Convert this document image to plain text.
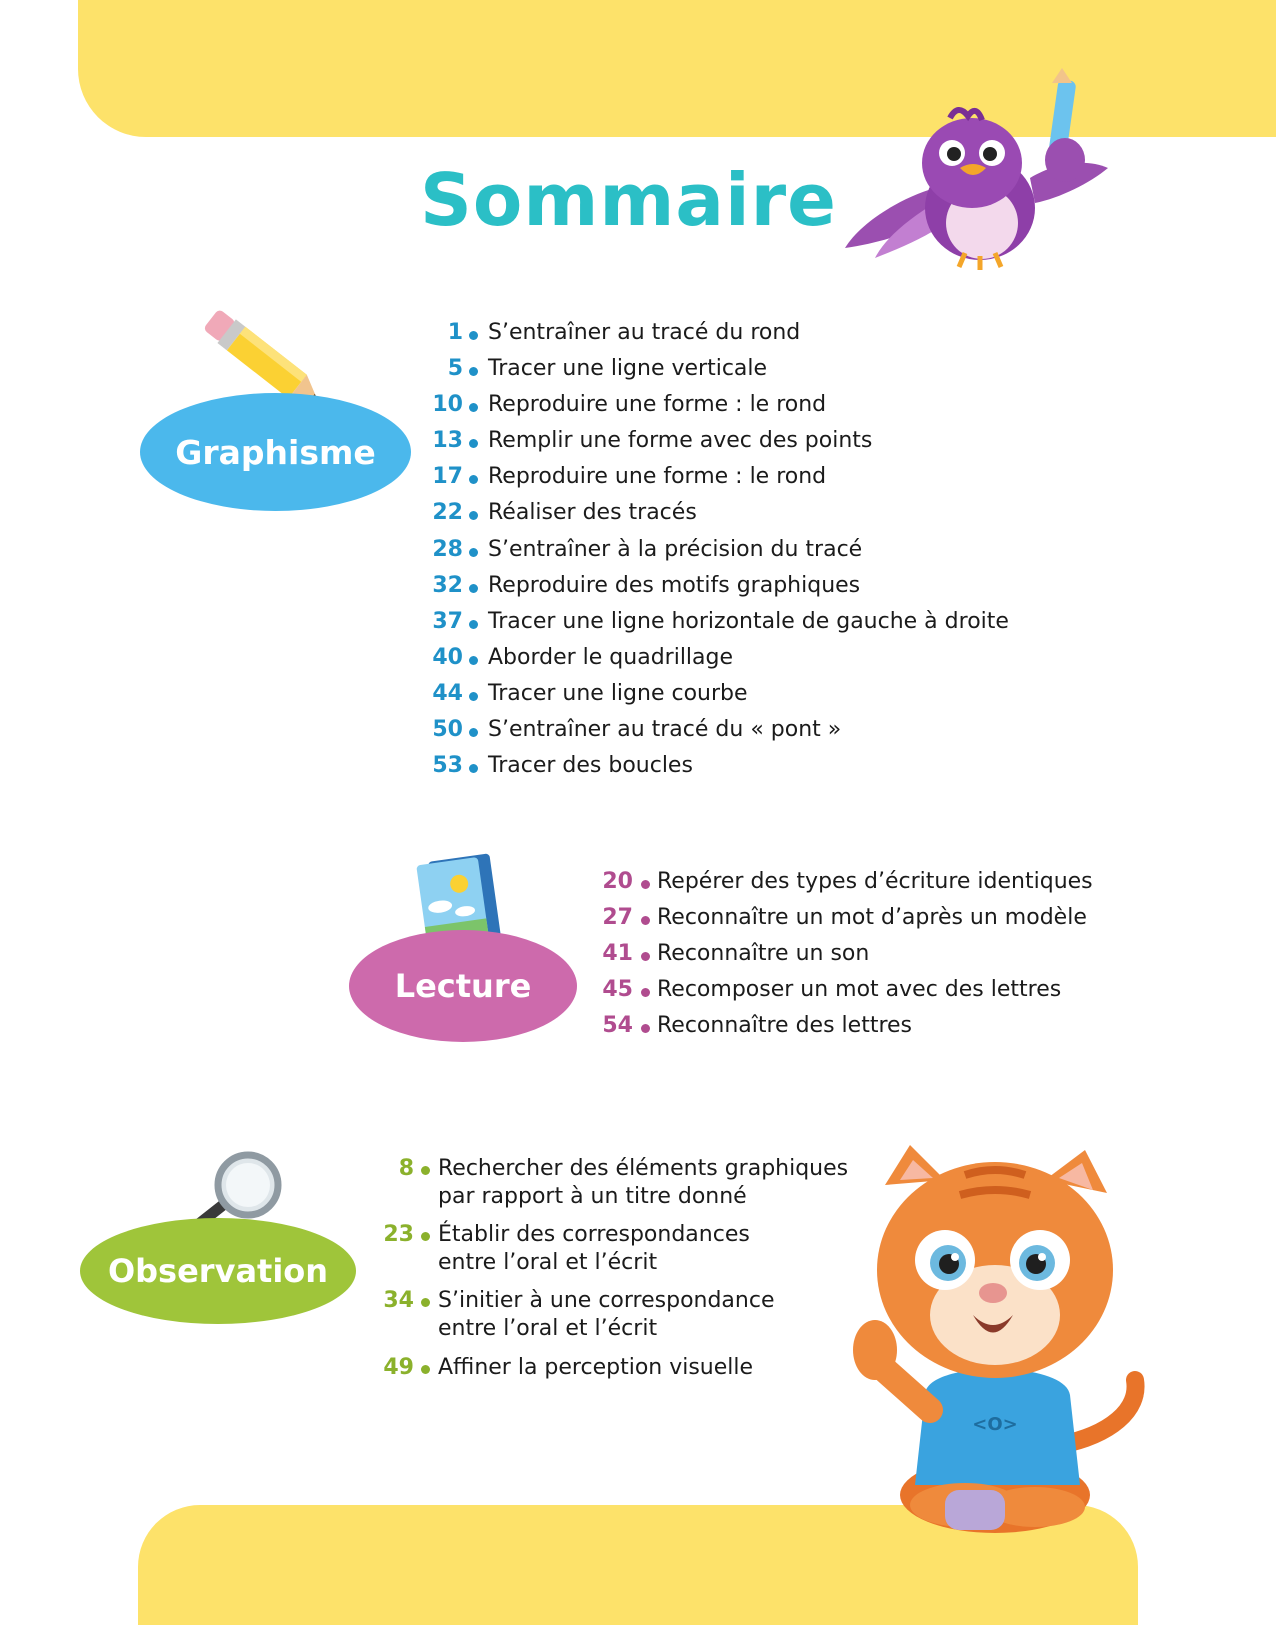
Sommaire
Graphisme
Lecture
Observation
1 S’entraîner au tracé du rond
5 Tracer une ligne verticale
10 Reproduire une forme : le rond
13 Remplir une forme avec des points
17 Reproduire une forme : le rond
22 Réaliser des tracés
28 S’entraîner à la précision du tracé
32 Reproduire des motifs graphiques
37 Tracer une ligne horizontale de gauche à droite
40 Aborder le quadrillage
44 Tracer une ligne courbe
50 S’entraîner au tracé du « pont »
53 Tracer des boucles
20 Repérer des types d’écriture identiques
27 Reconnaître un mot d’après un modèle
41 Reconnaître un son
45 Recomposer un mot avec des lettres
54 Reconnaître des lettres
8 Rechercher des éléments graphiques
par rapport à un titre donné
23 Établir des correspondances
entre l’oral et l’écrit
34 S’initier à une correspondance
entre l’oral et l’écrit
49 Affiner la perception visuelle
<O>
